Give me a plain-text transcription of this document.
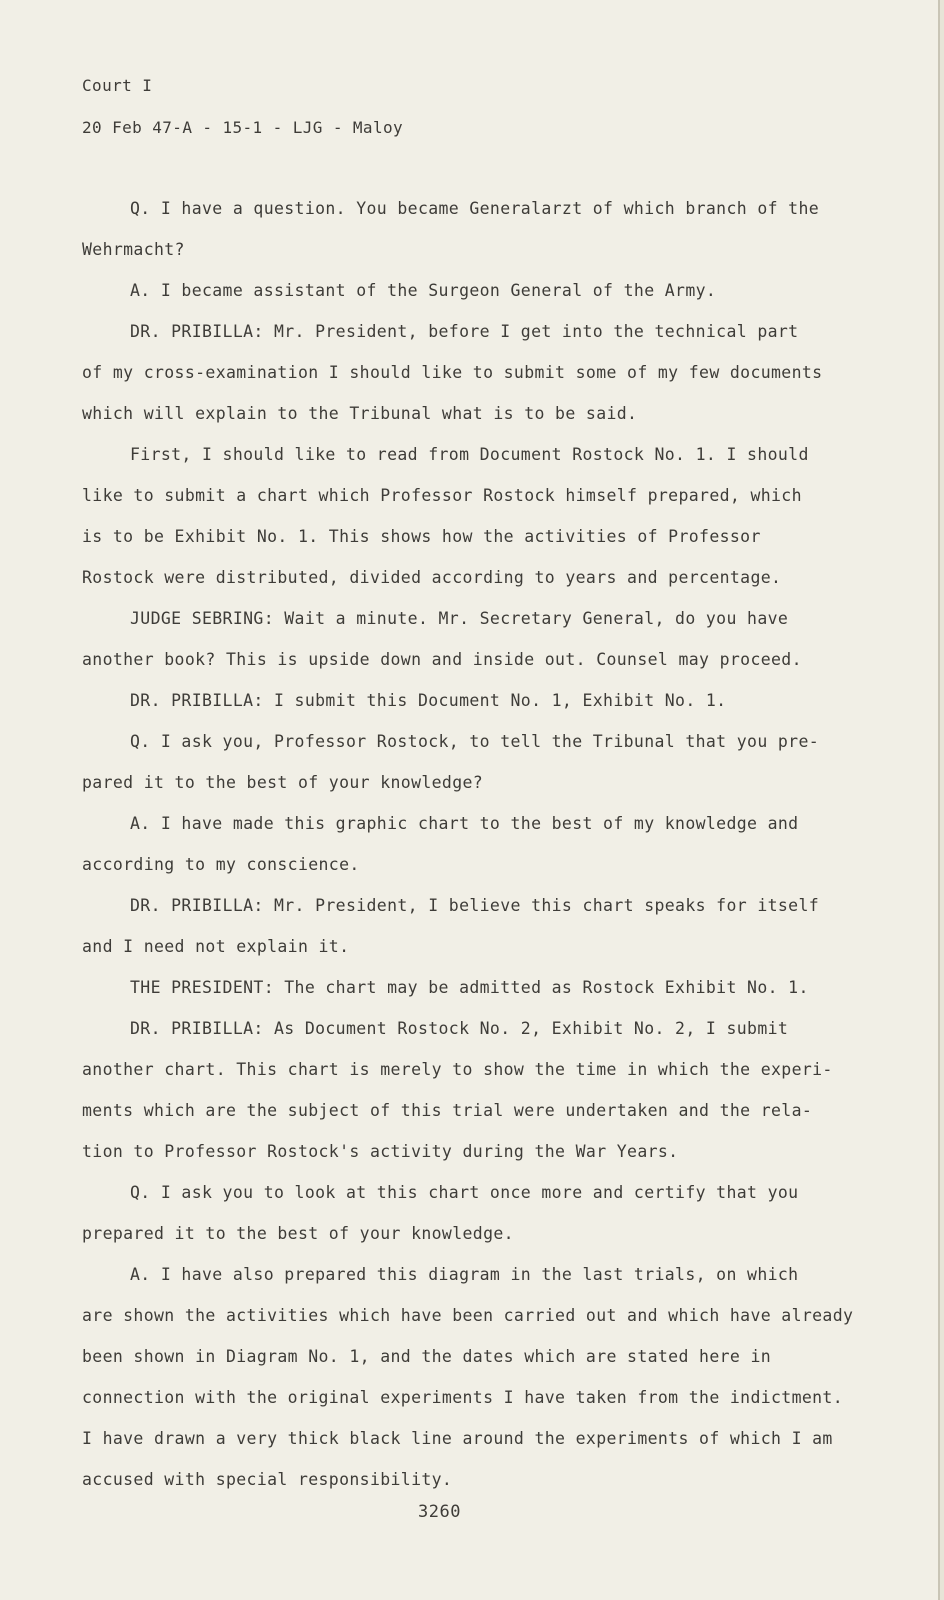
Court I
20 Feb 47-A - 15-1 - LJG - Maloy
Q. I have a question. You became Generalarzt of which branch of the
Wehrmacht?
A. I became assistant of the Surgeon General of the Army.
DR. PRIBILLA: Mr. President, before I get into the technical part
of my cross-examination I should like to submit some of my few documents
which will explain to the Tribunal what is to be said.
First, I should like to read from Document Rostock No. 1. I should
like to submit a chart which Professor Rostock himself prepared, which
is to be Exhibit No. 1. This shows how the activities of Professor
Rostock were distributed, divided according to years and percentage.
JUDGE SEBRING: Wait a minute. Mr. Secretary General, do you have
another book? This is upside down and inside out. Counsel may proceed.
DR. PRIBILLA: I submit this Document No. 1, Exhibit No. 1.
Q. I ask you, Professor Rostock, to tell the Tribunal that you pre-
pared it to the best of your knowledge?
A. I have made this graphic chart to the best of my knowledge and
according to my conscience.
DR. PRIBILLA: Mr. President, I believe this chart speaks for itself
and I need not explain it.
THE PRESIDENT: The chart may be admitted as Rostock Exhibit No. 1.
DR. PRIBILLA: As Document Rostock No. 2, Exhibit No. 2, I submit
another chart. This chart is merely to show the time in which the experi-
ments which are the subject of this trial were undertaken and the rela-
tion to Professor Rostock's activity during the War Years.
Q. I ask you to look at this chart once more and certify that you
prepared it to the best of your knowledge.
A. I have also prepared this diagram in the last trials, on which
are shown the activities which have been carried out and which have already
been shown in Diagram No. 1, and the dates which are stated here in
connection with the original experiments I have taken from the indictment.
I have drawn a very thick black line around the experiments of which I am
accused with special responsibility.
3260
